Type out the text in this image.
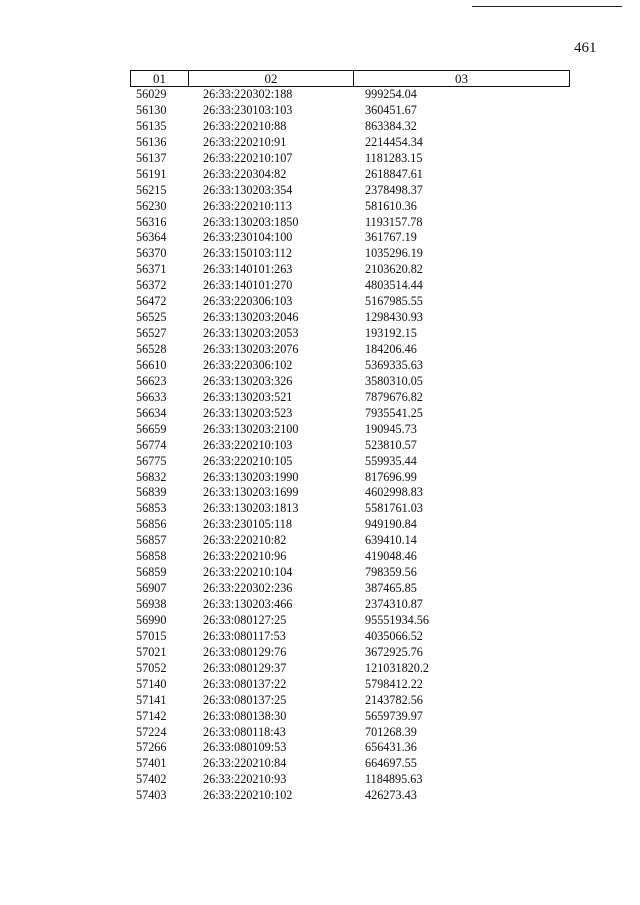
461
01	02	03
56029	26:33:220302:188	999254.04
56130	26:33:230103:103	360451.67
56135	26:33:220210:88	863384.32
56136	26:33:220210:91	2214454.34
56137	26:33:220210:107	1181283.15
56191	26:33:220304:82	2618847.61
56215	26:33:130203:354	2378498.37
56230	26:33:220210:113	581610.36
56316	26:33:130203:1850	1193157.78
56364	26:33:230104:100	361767.19
56370	26:33:150103:112	1035296.19
56371	26:33:140101:263	2103620.82
56372	26:33:140101:270	4803514.44
56472	26:33:220306:103	5167985.55
56525	26:33:130203:2046	1298430.93
56527	26:33:130203:2053	193192.15
56528	26:33:130203:2076	184206.46
56610	26:33:220306:102	5369335.63
56623	26:33:130203:326	3580310.05
56633	26:33:130203:521	7879676.82
56634	26:33:130203:523	7935541.25
56659	26:33:130203:2100	190945.73
56774	26:33:220210:103	523810.57
56775	26:33:220210:105	559935.44
56832	26:33:130203:1990	817696.99
56839	26:33:130203:1699	4602998.83
56853	26:33:130203:1813	5581761.03
56856	26:33:230105:118	949190.84
56857	26:33:220210:82	639410.14
56858	26:33:220210:96	419048.46
56859	26:33:220210:104	798359.56
56907	26:33:220302:236	387465.85
56938	26:33:130203:466	2374310.87
56990	26:33:080127:25	95551934.56
57015	26:33:080117:53	4035066.52
57021	26:33:080129:76	3672925.76
57052	26:33:080129:37	121031820.2
57140	26:33:080137:22	5798412.22
57141	26:33:080137:25	2143782.56
57142	26:33:080138:30	5659739.97
57224	26:33:080118:43	701268.39
57266	26:33:080109:53	656431.36
57401	26:33:220210:84	664697.55
57402	26:33:220210:93	1184895.63
57403	26:33:220210:102	426273.43
